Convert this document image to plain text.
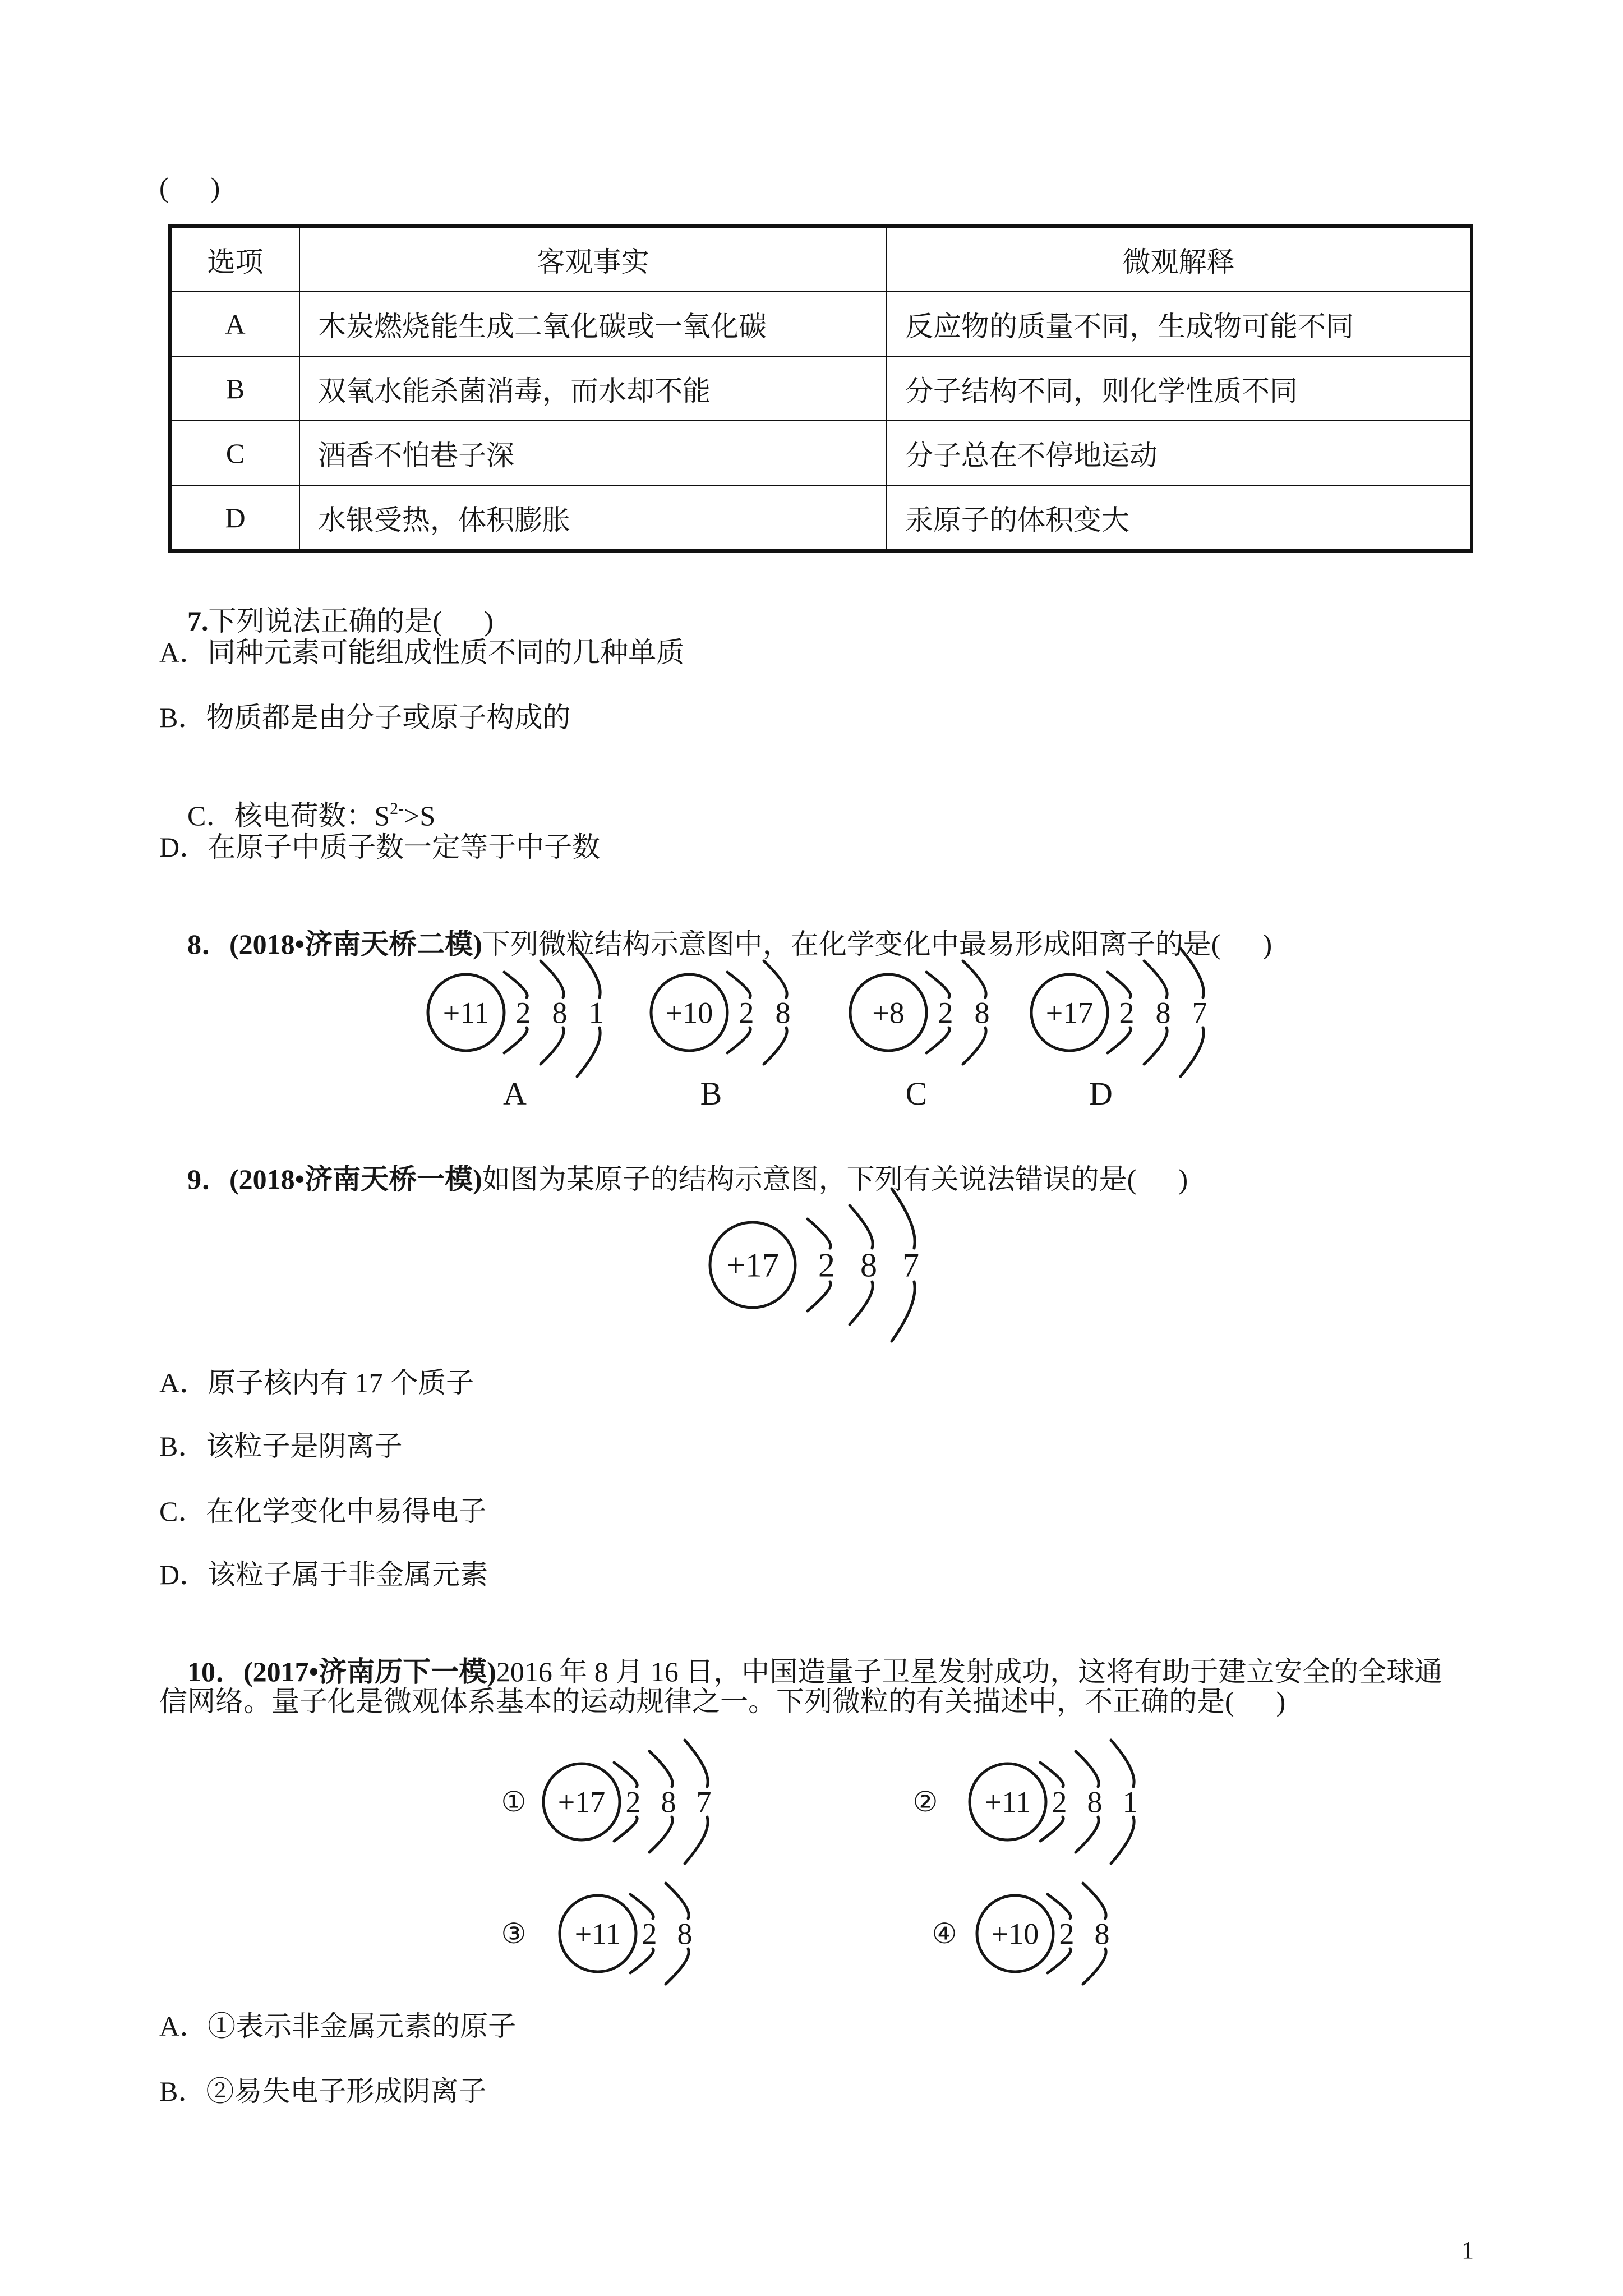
(      )
选项	客观事实	微观解释
A	木炭燃烧能生成二氧化碳或一氧化碳	反应物的质量不同，生成物可能不同
B	双氧水能杀菌消毒，而水却不能	分子结构不同，则化学性质不同
C	酒香不怕巷子深	分子总在不停地运动
D	水银受热，体积膨胀	汞原子的体积变大

7.下列说法正确的是(      )

A．同种元素可能组成性质不同的几种单质
B．物质都是由分子或原子构成的

C．核电荷数：$S^{2-}>S$

D．在原子中质子数一定等于中子数

8．(2018•济南天桥二模)下列微粒结构示意图中，在化学变化中最易形成阳离子的是(      )

A	B	C	D

9．(2018•济南天桥一模)如图为某原子的结构示意图，下列有关说法错误的是(      )

A．原子核内有 17 个质子
B．该粒子是阴离子
C．在化学变化中易得电子
D．该粒子属于非金属元素

10．(2017•济南历下一模)2016 年 8 月 16 日，中国造量子卫星发射成功，这将有助于建立安全的全球通

信网络。量子化是微观体系基本的运动规律之一。下列微粒的有关描述中，不正确的是(      )
①	②
③	④
A．①表示非金属元素的原子
B．②易失电子形成阴离子
1
+11 2 8 1 +10 2 8	+8 2 8 +17 2 8 7
+17 2 8 7
+17 2 8 7	+11 2 8 1
+11 2 8	+10 2 8
